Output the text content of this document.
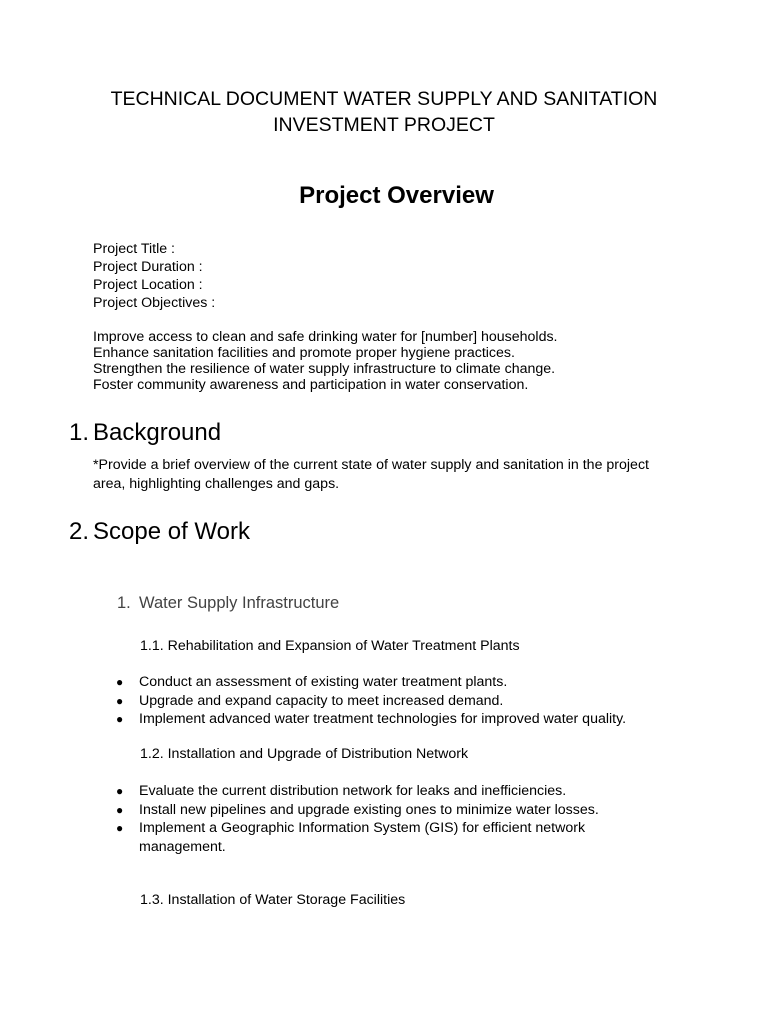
TECHNICAL DOCUMENT WATER SUPPLY AND SANITATION
INVESTMENT PROJECT
Project Overview
Project Title :
Project Duration :
Project Location :
Project Objectives :
Improve access to clean and safe drinking water for [number] households.
Enhance sanitation facilities and promote proper hygiene practices.
Strengthen the resilience of water supply infrastructure to climate change.
Foster community awareness and participation in water conservation.
1. Background

*Provide a brief overview of the current state of water supply and sanitation in the project area, highlighting challenges and gaps.

2. Scope of Work
1. Water Supply Infrastructure
1.1. Rehabilitation and Expansion of Water Treatment Plants
● Conduct an assessment of existing water treatment plants.
● Upgrade and expand capacity to meet increased demand.
● Implement advanced water treatment technologies for improved water quality.
1.2. Installation and Upgrade of Distribution Network
● Evaluate the current distribution network for leaks and inefficiencies.
● Install new pipelines and upgrade existing ones to minimize water losses.
● Implement a Geographic Information System (GIS) for efficient network management.
1.3. Installation of Water Storage Facilities
